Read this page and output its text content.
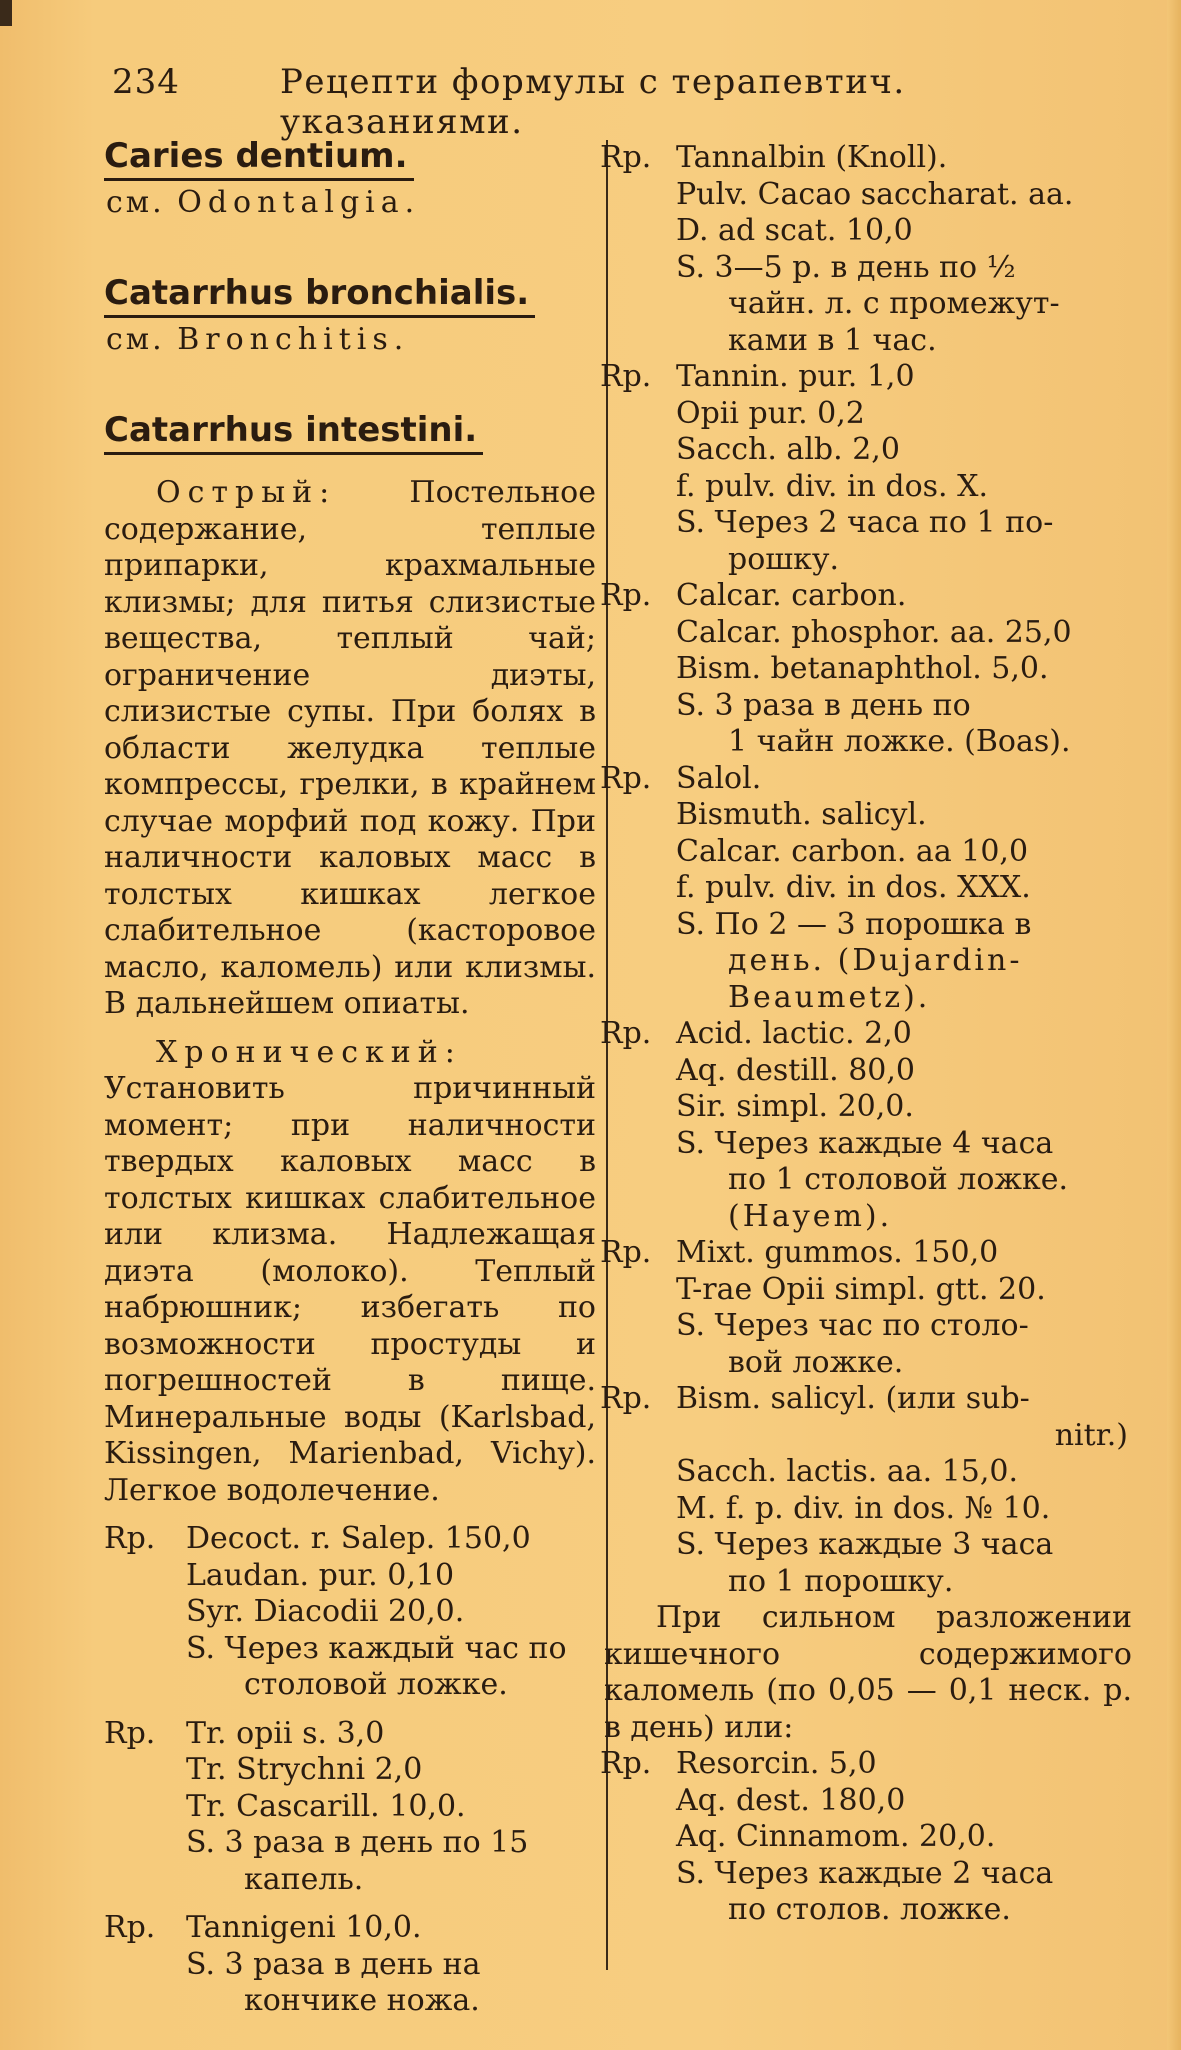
234	Рецепти формулы с терапевтич. указаниями.
Caries dentium.
см. Odontalgia.
Catarrhus bronchialis.
см. Bronchitis.
Catarrhus intestini.

Острый: Постельное содержание, теплые припарки, крахмальные клизмы; для питья слизистые вещества, теплый чай; ограничение диэты, слизистые супы. При болях в области желудка теплые компрессы, грелки, в крайнем случае морфий под кожу. При наличности каловых масс в толстых кишках легкое слабительное (касторовое масло, каломель) или клизмы. В дальнейшем опиаты.

Хронический: Установить причинный момент; при наличности твердых каловых масс в толстых кишках слабительное или клизма. Надлежащая диэта (молоко). Теплый набрюшник; избегать по возможности простуды и погрешностей в пище. Минеральные воды (Karlsbad, Kissingen, Marienbad, Vichy). Легкое водолечение.

Rp.	Decoct. r. Salep. 150,0
Laudan. pur. 0,10
Syr. Diacodii 20,0.
S. Через каждый час по
столовой ложке.
Rp.	Tr. opii s. 3,0
Tr. Strychni 2,0
Tr. Cascarill. 10,0.
S. 3 раза в день по 15
капель.
Rp.	Tannigeni 10,0.
S. 3 раза в день на
кончике ножа.
Rp. Tannalbin (Knoll).
Pulv. Cacao saccharat. aa.
D. ad scat. 10,0
S. 3—5 р. в день по ½
чайн. л. с промежут-
ками в 1 час.
Rp. Tannin. pur. 1,0
Opii pur. 0,2
Sacch. alb. 2,0
f. pulv. div. in dos. X.
S. Через 2 часа по 1 по-
рошку.
Rp. Calcar. carbon.
Calcar. phosphor. aa. 25,0
Bism. betanaphthol. 5,0.
S. 3 раза в день по
1 чайн ложке. (Boas).
Rp. Salol.
Bismuth. salicyl.
Calcar. carbon. aa 10,0
f. pulv. div. in dos. XXX.
S. По 2 — 3 порошка в
день. (Dujardin-
Beaumetz).
Rp. Acid. lactic. 2,0
Aq. destill. 80,0
Sir. simpl. 20,0.
S. Через каждые 4 часа
по 1 столовой ложке.
(Hayem).
Rp. Mixt. gummos. 150,0
T-rae Opii simpl. gtt. 20.
S. Через час по столо-
вой ложке.
Rp. Bism. salicyl. (или sub-
nitr.)
Sacch. lactis. aa. 15,0.
M. f. p. div. in dos. № 10.
S. Через каждые 3 часа
по 1 порошку.

При сильном разложении кишечного содержимого каломель (по 0,05 — 0,1 неск. р. в день) или:

Rp. Resorcin. 5,0
Aq. dest. 180,0
Aq. Cinnamom. 20,0.
S. Через каждые 2 часа
по столов. ложке.
